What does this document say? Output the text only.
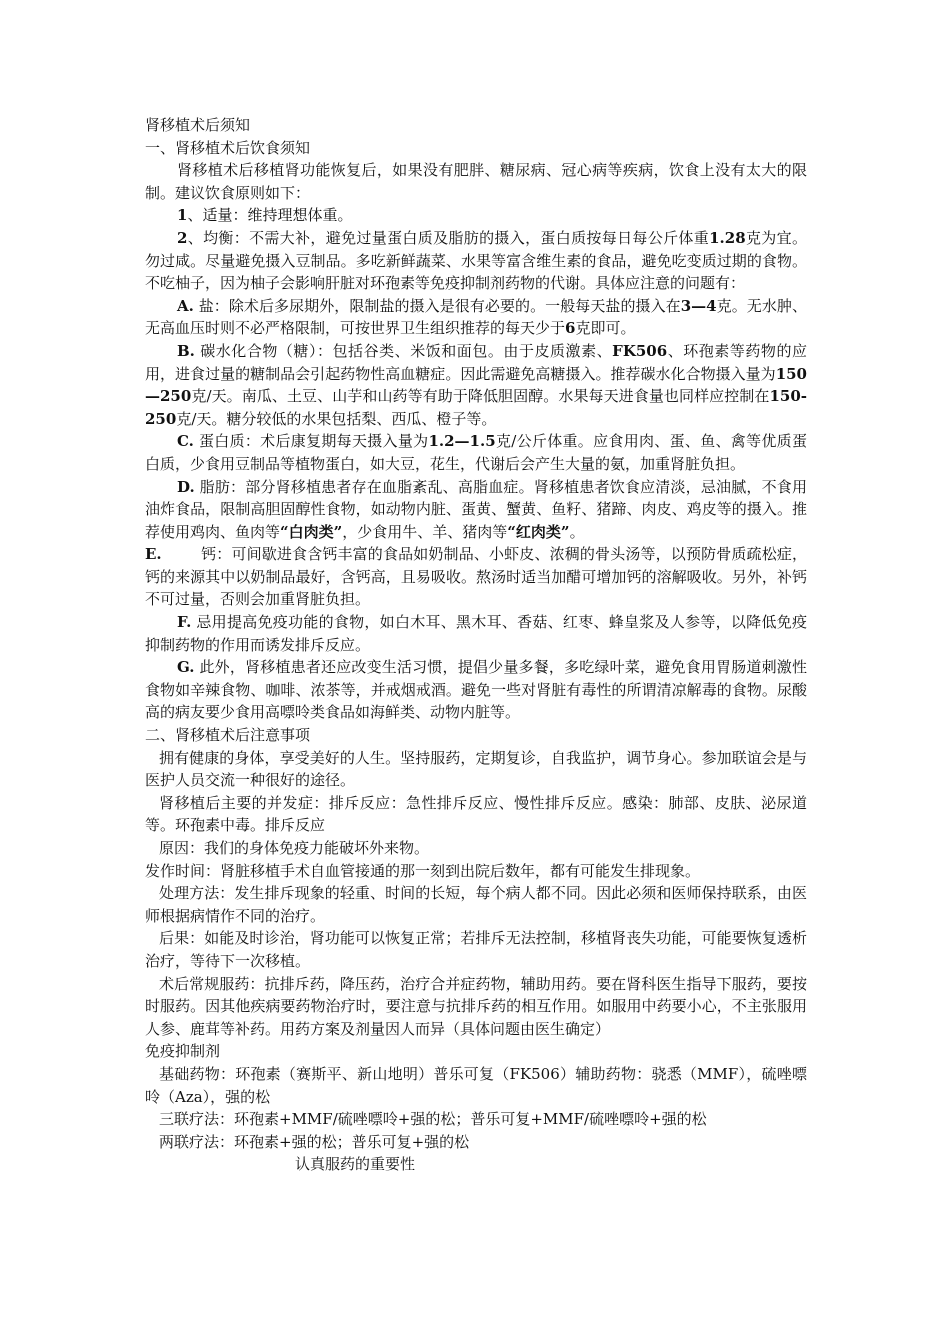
肾移植术后须知

一、肾移植术后饮食须知

肾移植术后移植肾功能恢复后，如果没有肥胖、糖尿病、冠心病等疾病，饮食上没有太大的限制。建议饮食原则如下：

1、适量：维持理想体重。

2、均衡：不需大补，避免过量蛋白质及脂肪的摄入，蛋白质按每日每公斤体重1.28克为宜。勿过咸。尽量避免摄入豆制品。多吃新鲜蔬菜、水果等富含维生素的食品，避免吃变质过期的食物。不吃柚子，因为柚子会影响肝脏对环孢素等免疫抑制剂药物的代谢。具体应注意的问题有：

A. 盐：除术后多尿期外，限制盐的摄入是很有必要的。一般每天盐的摄入在3—4克。无水肿、无高血压时则不必严格限制，可按世界卫生组织推荐的每天少于6克即可。

B. 碳水化合物（糖）：包括谷类、米饭和面包。由于皮质激素、FK506、环孢素等药物的应用，进食过量的糖制品会引起药物性高血糖症。因此需避免高糖摄入。推荐碳水化合物摄入量为150—250克/天。南瓜、土豆、山芋和山药等有助于降低胆固醇。水果每天进食量也同样应控制在150-250克/天。糖分较低的水果包括梨、西瓜、橙子等。

C. 蛋白质：术后康复期每天摄入量为1.2—1.5克/公斤体重。应食用肉、蛋、鱼、禽等优质蛋白质，少食用豆制品等植物蛋白，如大豆，花生，代谢后会产生大量的氨，加重肾脏负担。

D. 脂肪：部分肾移植患者存在血脂紊乱、高脂血症。肾移植患者饮食应清淡，忌油腻，不食用油炸食品，限制高胆固醇性食物，如动物内脏、蛋黄、蟹黄、鱼籽、猪蹄、肉皮、鸡皮等的摄入。推荐使用鸡肉、鱼肉等“白肉类”，少食用牛、羊、猪肉等“红肉类”。

E.	钙：可间歇进食含钙丰富的食品如奶制品、小虾皮、浓稠的骨头汤等，以预防骨质疏松症，钙的来源其中以奶制品最好，含钙高，且易吸收。熬汤时适当加醋可增加钙的溶解吸收。另外，补钙不可过量，否则会加重肾脏负担。

F. 忌用提高免疫功能的食物，如白木耳、黑木耳、香菇、红枣、蜂皇浆及人参等，以降低免疫抑制药物的作用而诱发排斥反应。

G. 此外，肾移植患者还应改变生活习惯，提倡少量多餐，多吃绿叶菜，避免食用胃肠道刺激性食物如辛辣食物、咖啡、浓茶等，并戒烟戒酒。避免一些对肾脏有毒性的所谓清凉解毒的食物。尿酸高的病友要少食用高嘌呤类食品如海鲜类、动物内脏等。

二、肾移植术后注意事项

拥有健康的身体，享受美好的人生。坚持服药，定期复诊，自我监护，调节身心。参加联谊会是与医护人员交流一种很好的途径。

肾移植后主要的并发症：排斥反应：急性排斥反应、慢性排斥反应。感染：肺部、皮肤、泌尿道等。环孢素中毒。排斥反应

原因：我们的身体免疫力能破坏外来物。

发作时间：肾脏移植手术自血管接通的那一刻到出院后数年，都有可能发生排现象。

处理方法：发生排斥现象的轻重、时间的长短，每个病人都不同。因此必须和医师保持联系，由医师根据病情作不同的治疗。

后果：如能及时诊治，肾功能可以恢复正常；若排斥无法控制，移植肾丧失功能，可能要恢复透析治疗，等待下一次移植。

术后常规服药：抗排斥药，降压药，治疗合并症药物，辅助用药。要在肾科医生指导下服药，要按时服药。因其他疾病要药物治疗时，要注意与抗排斥药的相互作用。如服用中药要小心，不主张服用人参、鹿茸等补药。用药方案及剂量因人而异（具体问题由医生确定）

免疫抑制剂

基础药物：环孢素（赛斯平、新山地明）普乐可复（FK506）辅助药物：骁悉（MMF），硫唑嘌呤（Aza），强的松

三联疗法：环孢素+MMF/硫唑嘌呤+强的松；普乐可复+MMF/硫唑嘌呤+强的松

两联疗法：环孢素+强的松；普乐可复+强的松

认真服药的重要性
